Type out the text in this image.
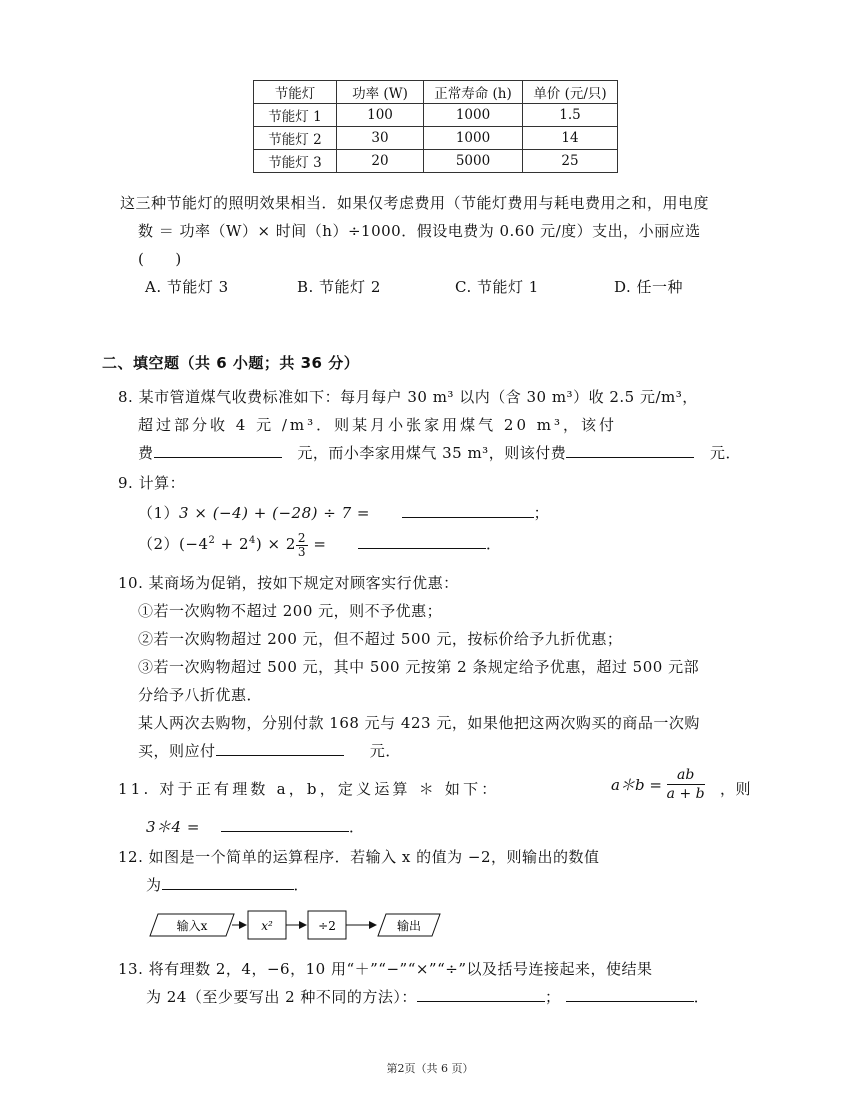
节能灯	功率 (W)	正常寿命 (h)	单价 (元/只)
节能灯 1	100	1000	1.5
节能灯 2	30	1000	14
节能灯 3	20	5000	25
这三种节能灯的照明效果相当．如果仅考虑费用（节能灯费用与耗电费用之和，用电度
数 ＝ 功率（W）× 时间（h）÷1000．假设电费为 0.60 元/度）支出，小丽应选
(　　)
A. 节能灯 3	B. 节能灯 2	C. 节能灯 1	D. 任一种
二、填空题（共 6 小题；共 36 分）
8. 某市管道煤气收费标准如下：每月每户 30 m³ 以内（含 30 m³）收 2.5 元/m³，
超过部分收 4 元 /m³．则某月小张家用煤气 20 m³，该付
费	元，而小李家用煤气 35 m³，则该付费	元．
9. 计算：
（1）3 × (−4) + (−28) ÷ 7 =	；
$(2)(-4^2 + 2^4) \times 2 \frac{2}{3}$ =	．
10. 某商场为促销，按如下规定对顾客实行优惠：
①若一次购物不超过 200 元，则不予优惠；
②若一次购物超过 200 元，但不超过 500 元，按标价给予九折优惠；
③若一次购物超过 500 元，其中 500 元按第 2 条规定给予优惠，超过 500 元部
分给予八折优惠．
某人两次去购物，分别付款 168 元与 423 元，如果他把这两次购买的商品一次购
买，则应付	元．
11. 对于正有理数 a，b，定义运算 ＊ 如下：	a＊b = $\frac{ab}{a + b}$ ，则
3＊4 =	．
12. 如图是一个简单的运算程序．若输入 x 的值为 −2，则输出的数值
为	．
输入x	x²	÷2	输出
13. 将有理数 2，4，−6，10 用“＋”“−”“×”“÷”以及括号连接起来，使结果
为 24（至少要写出 2 种不同的方法）：	；	．
第2页（共 6 页）
